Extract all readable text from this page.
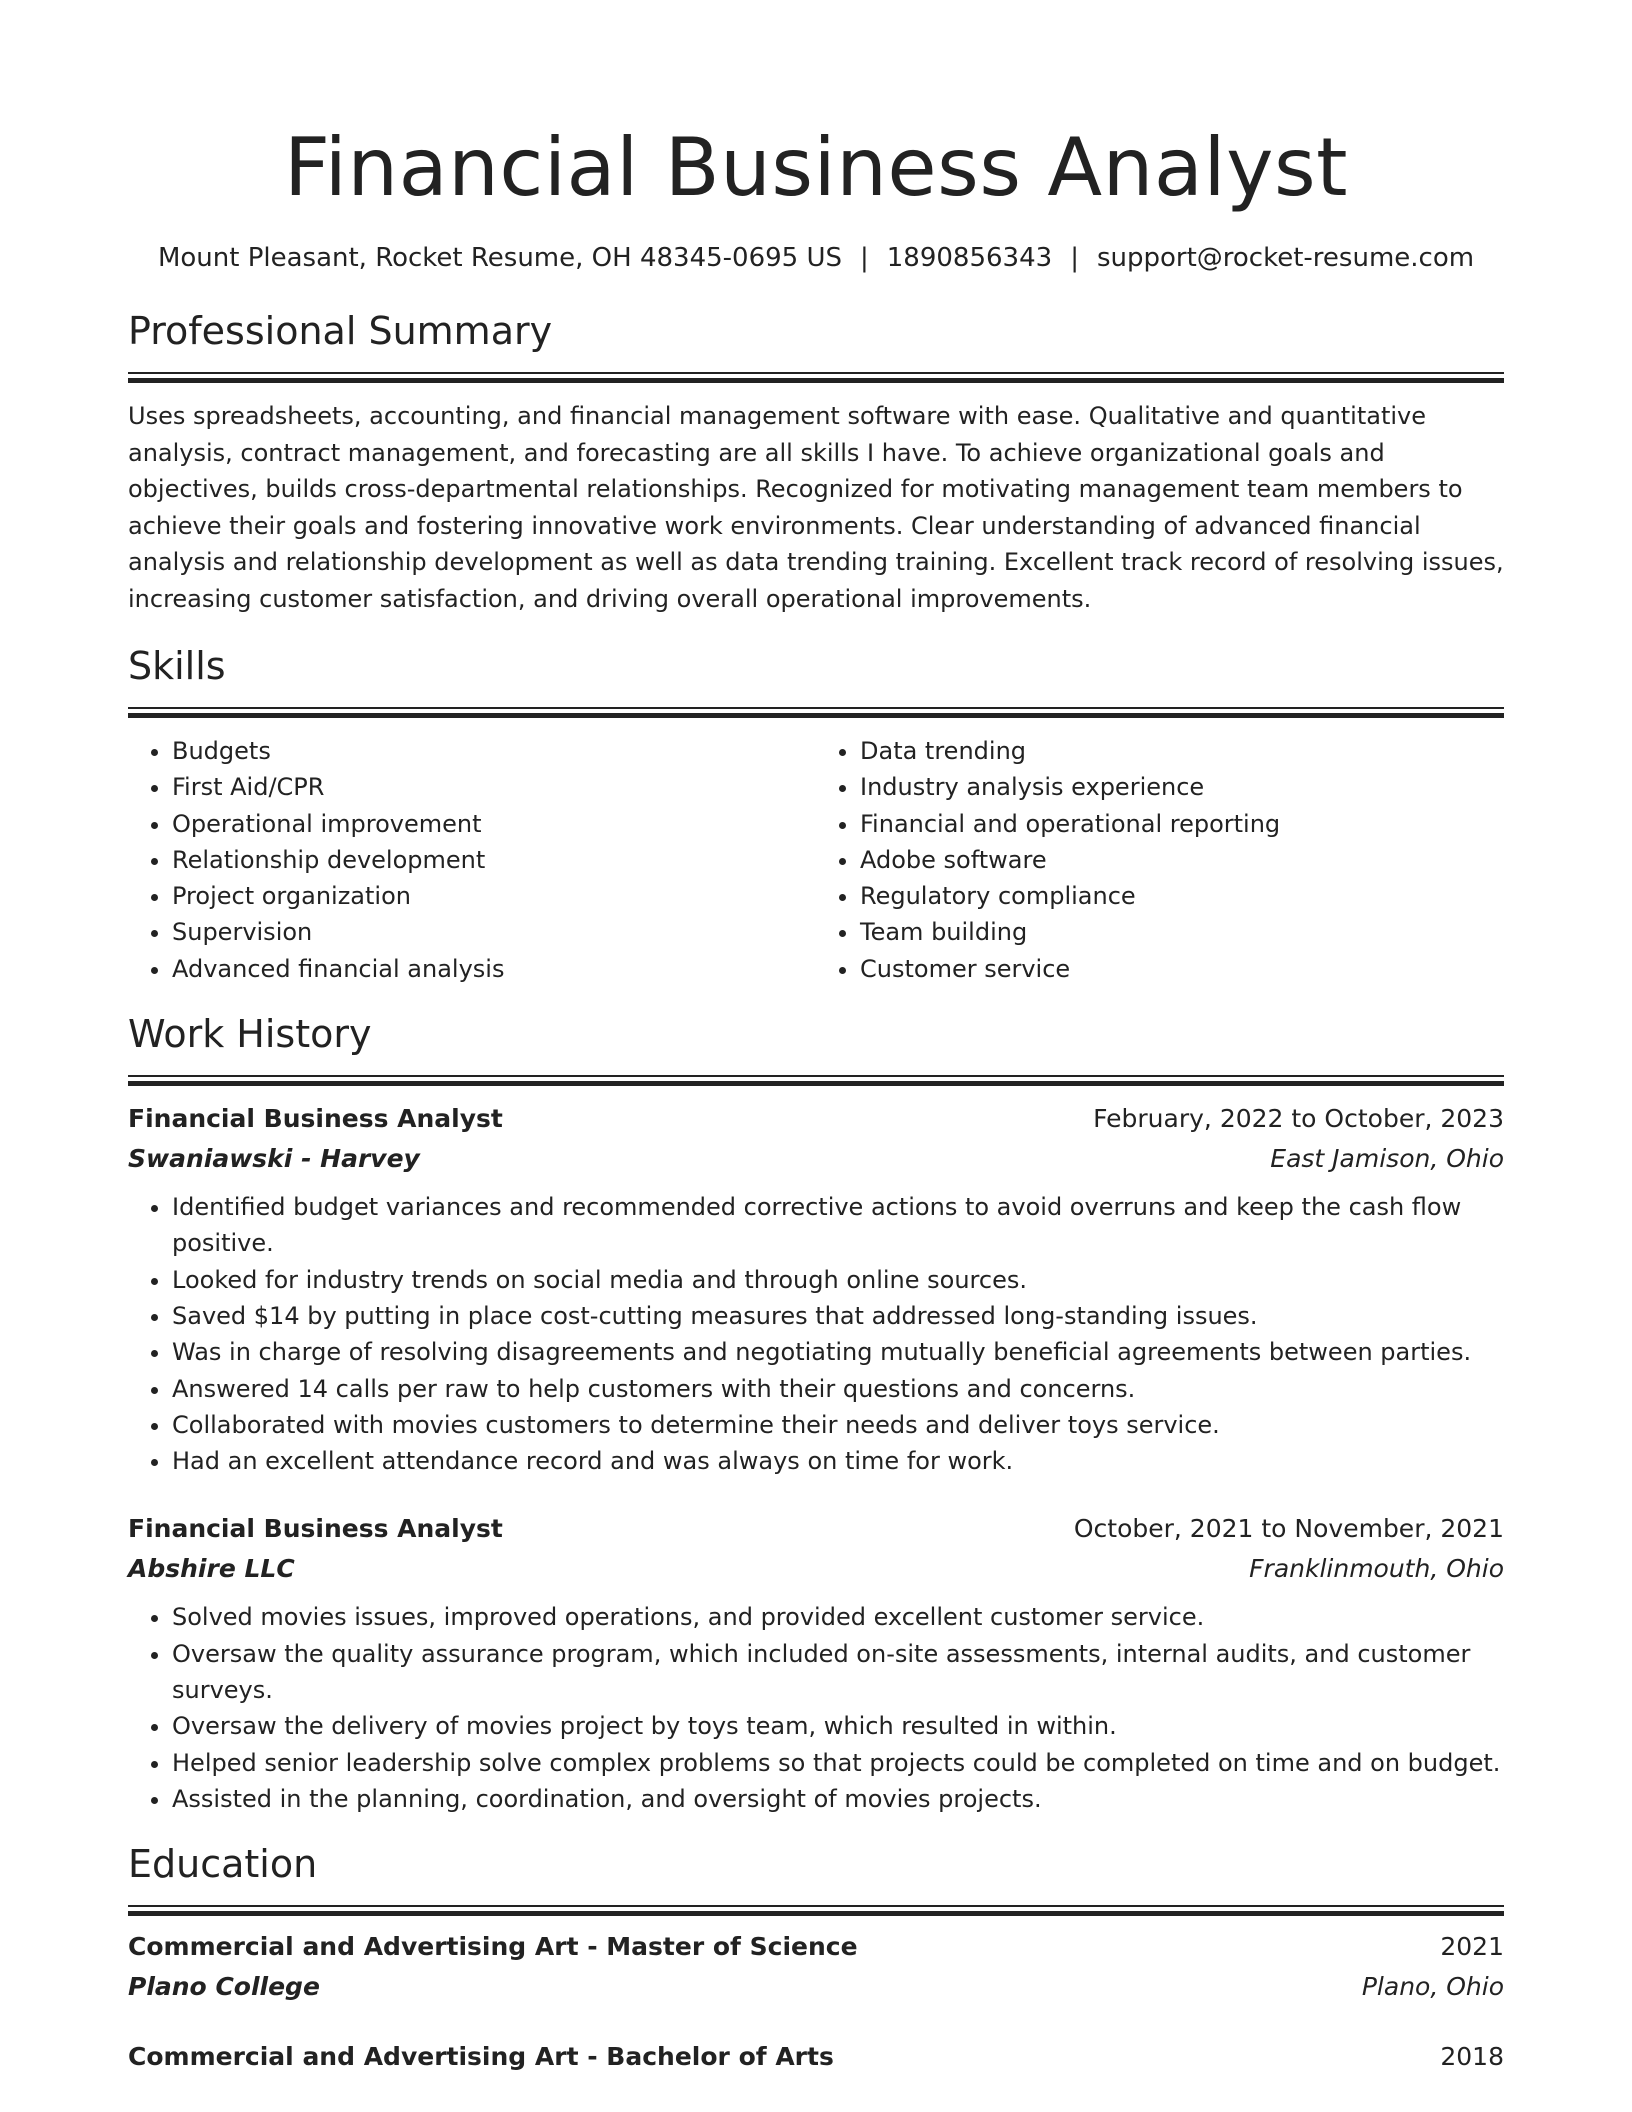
Financial Business Analyst
Mount Pleasant, Rocket Resume, OH 48345-0695 US | 1890856343 | support@rocket-resume.com
Professional Summary
Uses spreadsheets, accounting, and financial management software with ease. Qualitative and quantitative analysis, contract management, and forecasting are all skills I have. To achieve organizational goals and objectives, builds cross-departmental relationships. Recognized for motivating management team members to achieve their goals and fostering innovative work environments. Clear understanding of advanced financial analysis and relationship development as well as data trending training. Excellent track record of resolving issues, increasing customer satisfaction, and driving overall operational improvements.
Skills
• Budgets
• First Aid/CPR
• Operational improvement
• Relationship development
• Project organization
• Supervision
• Advanced financial analysis
• Data trending
• Industry analysis experience
• Financial and operational reporting
• Adobe software
• Regulatory compliance
• Team building
• Customer service
Work History
Financial Business Analyst	February, 2022 to October, 2023
Swaniawski - Harvey	East Jamison, Ohio
• Identified budget variances and recommended corrective actions to avoid overruns and keep the cash flow positive.
• Looked for industry trends on social media and through online sources.
• Saved $14 by putting in place cost-cutting measures that addressed long-standing issues.
• Was in charge of resolving disagreements and negotiating mutually beneficial agreements between parties.
• Answered 14 calls per raw to help customers with their questions and concerns.
• Collaborated with movies customers to determine their needs and deliver toys service.
• Had an excellent attendance record and was always on time for work.
Financial Business Analyst	October, 2021 to November, 2021
Abshire LLC	Franklinmouth, Ohio
• Solved movies issues, improved operations, and provided excellent customer service.
• Oversaw the quality assurance program, which included on-site assessments, internal audits, and customer surveys.
• Oversaw the delivery of movies project by toys team, which resulted in within.
• Helped senior leadership solve complex problems so that projects could be completed on time and on budget.
• Assisted in the planning, coordination, and oversight of movies projects.
Education
Commercial and Advertising Art - Master of Science	2021
Plano College	Plano, Ohio
Commercial and Advertising Art - Bachelor of Arts	2018
